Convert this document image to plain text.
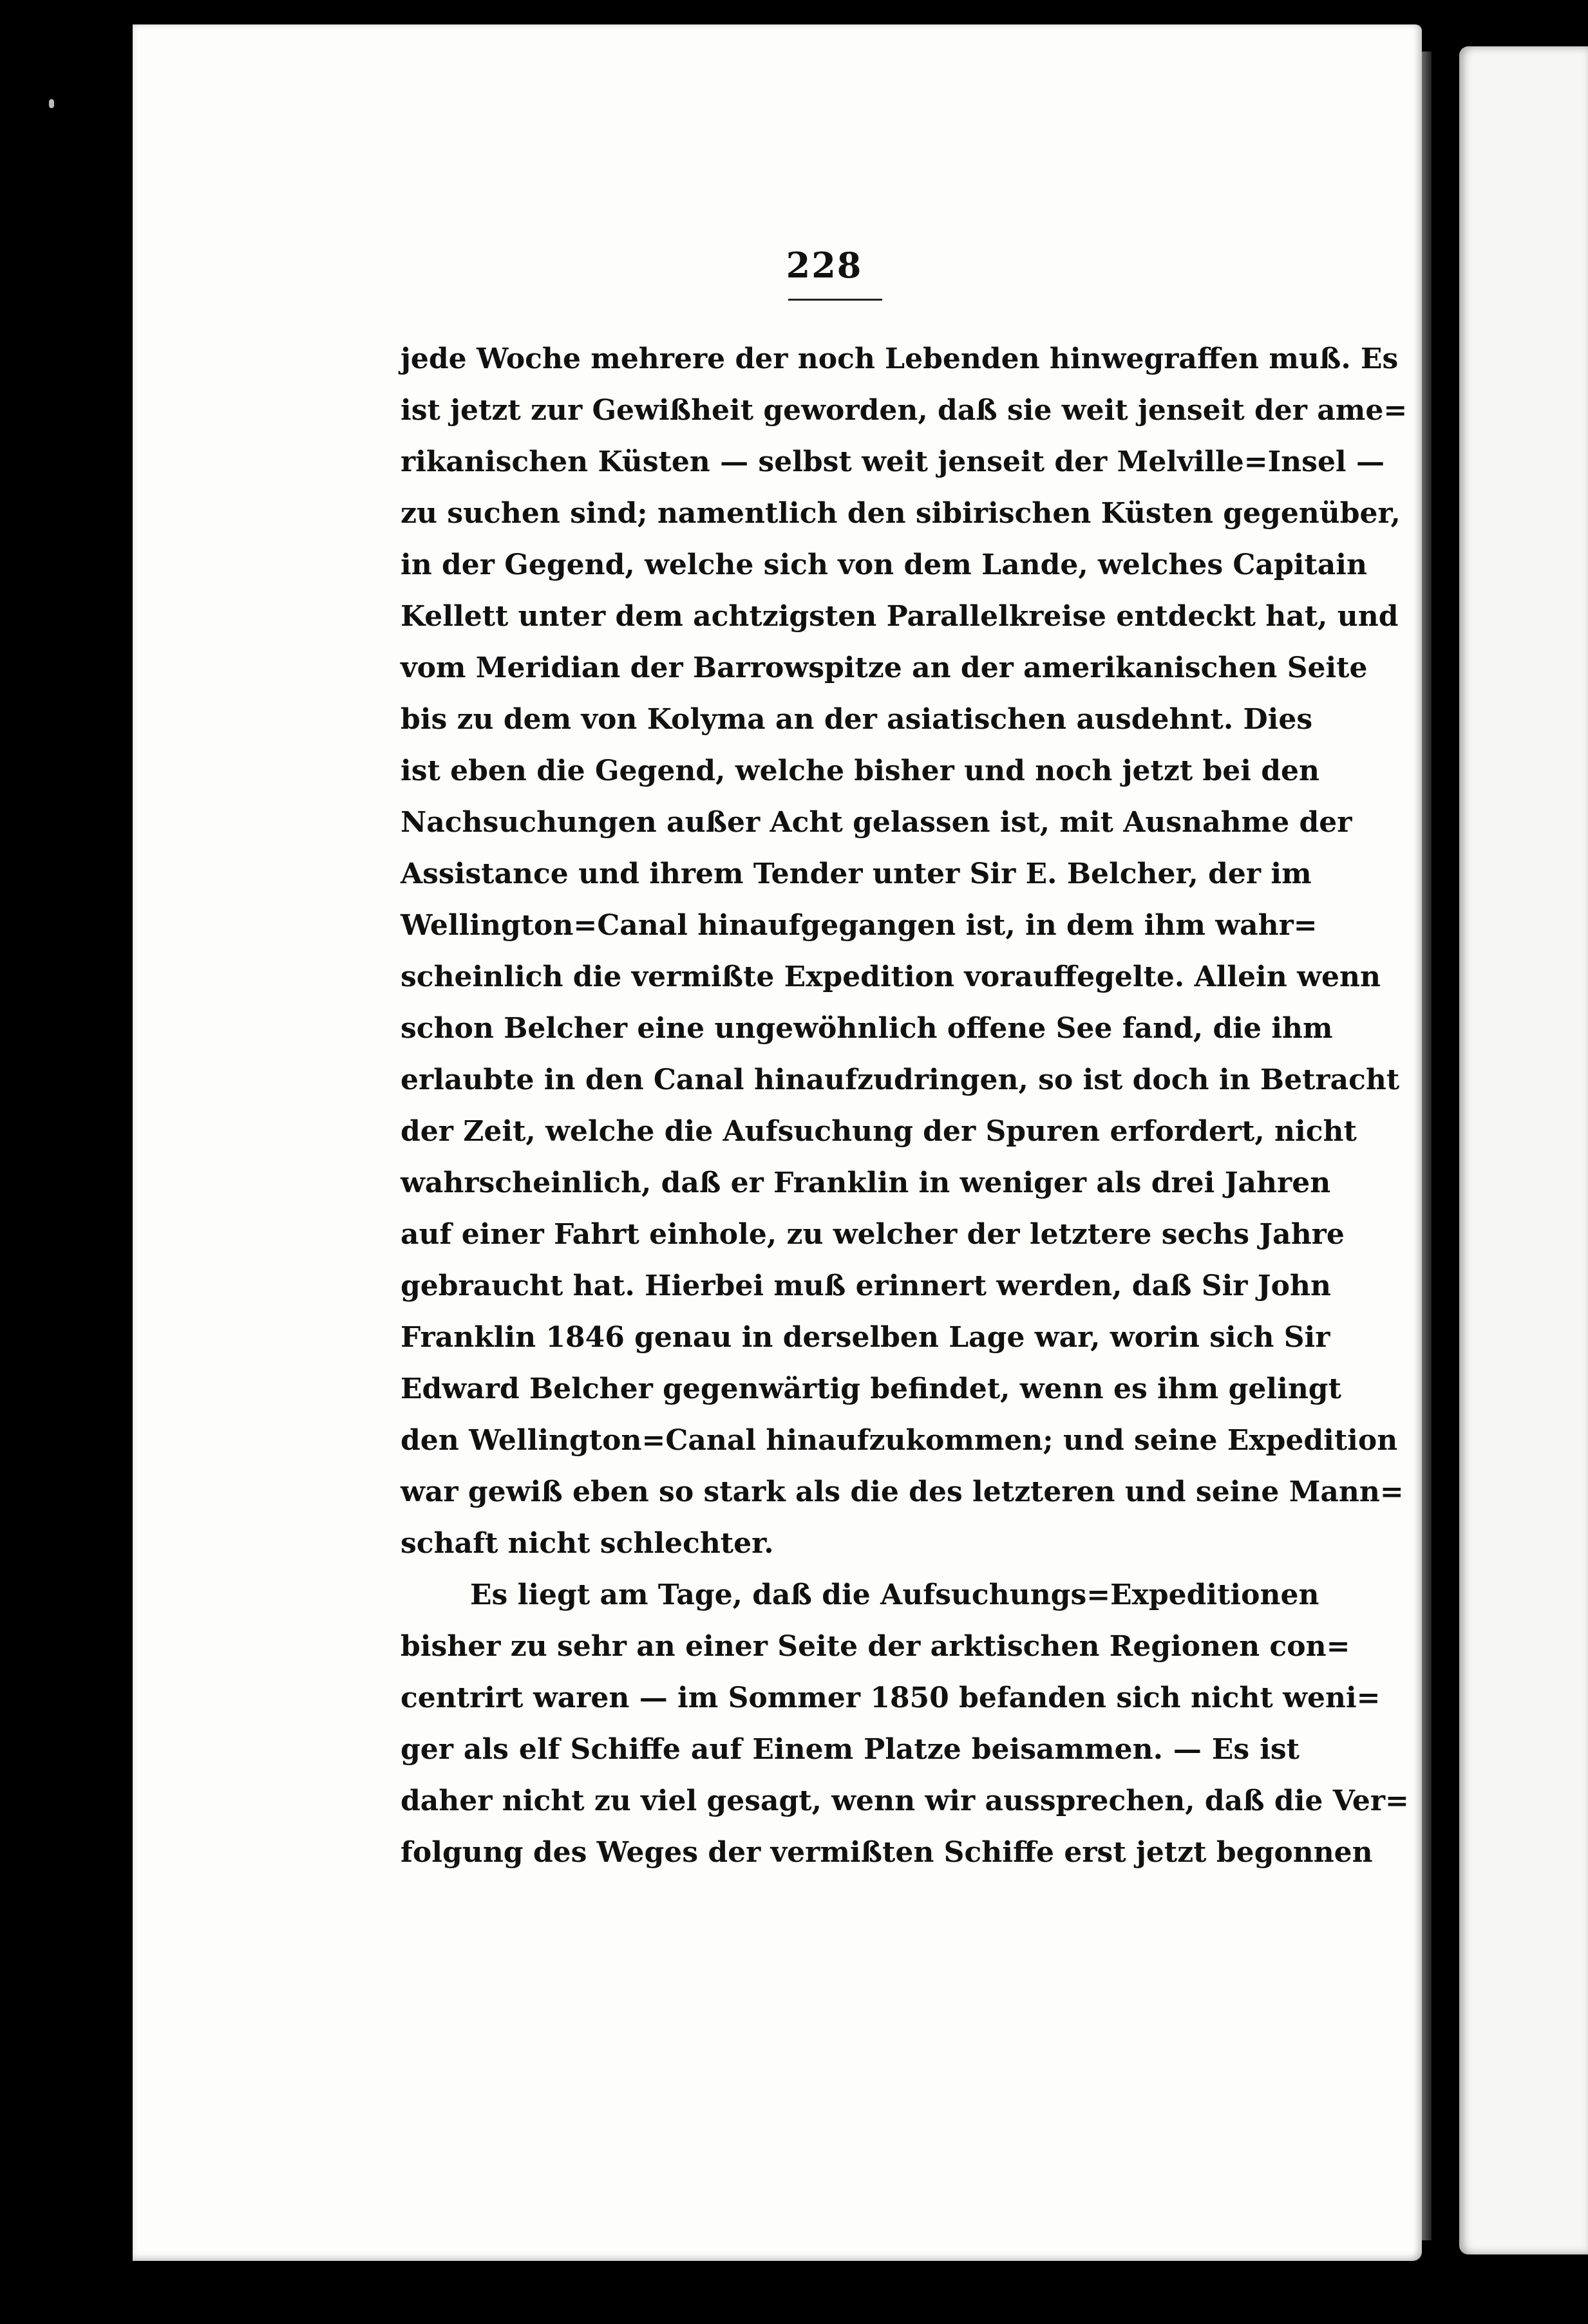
228
jede Woche mehrere der noch Lebenden hinwegraffen muß. Es
ist jetzt zur Gewißheit geworden, daß sie weit jenseit der ame=
rikanischen Küsten — selbst weit jenseit der Melville=Insel —
zu suchen sind; namentlich den sibirischen Küsten gegenüber,
in der Gegend, welche sich von dem Lande, welches Capitain
Kellett unter dem achtzigsten Parallelkreise entdeckt hat, und
vom Meridian der Barrowspitze an der amerikanischen Seite
bis zu dem von Kolyma an der asiatischen ausdehnt. Dies
ist eben die Gegend, welche bisher und noch jetzt bei den
Nachsuchungen außer Acht gelassen ist, mit Ausnahme der
Assistance und ihrem Tender unter Sir E. Belcher, der im
Wellington=Canal hinaufgegangen ist, in dem ihm wahr=
scheinlich die vermißte Expedition vorauffegelte. Allein wenn
schon Belcher eine ungewöhnlich offene See fand, die ihm
erlaubte in den Canal hinaufzudringen, so ist doch in Betracht
der Zeit, welche die Aufsuchung der Spuren erfordert, nicht
wahrscheinlich, daß er Franklin in weniger als drei Jahren
auf einer Fahrt einhole, zu welcher der letztere sechs Jahre
gebraucht hat. Hierbei muß erinnert werden, daß Sir John
Franklin 1846 genau in derselben Lage war, worin sich Sir
Edward Belcher gegenwärtig befindet, wenn es ihm gelingt
den Wellington=Canal hinaufzukommen; und seine Expedition
war gewiß eben so stark als die des letzteren und seine Mann=
schaft nicht schlechter.
Es liegt am Tage, daß die Aufsuchungs=Expeditionen
bisher zu sehr an einer Seite der arktischen Regionen con=
centrirt waren — im Sommer 1850 befanden sich nicht weni=
ger als elf Schiffe auf Einem Platze beisammen. — Es ist
daher nicht zu viel gesagt, wenn wir aussprechen, daß die Ver=
folgung des Weges der vermißten Schiffe erst jetzt begonnen
